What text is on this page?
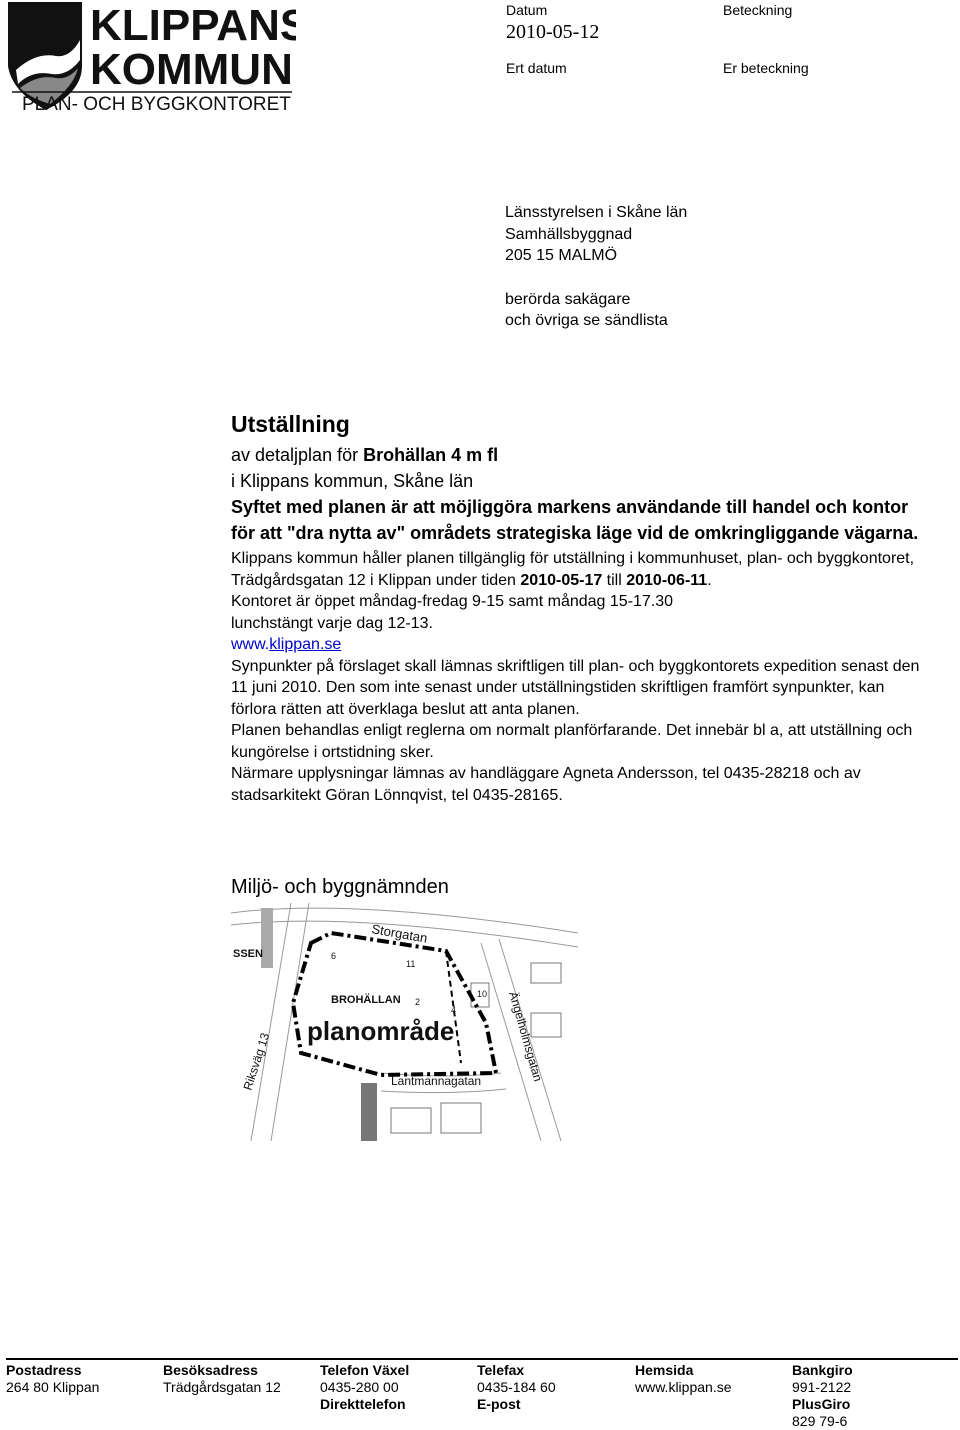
KLIPPANS
KOMMUN
PLAN- OCH BYGGKONTORET
Datum
2010-05-12
Beteckning
Ert datum	Er beteckning
Länsstyrelsen i Skåne län
Samhällsbyggnad
205 15 MALMÖ
berörda sakägare
och övriga se sändlista
Utställning
av detaljplan för Brohällan 4 m fl
i Klippans kommun, Skåne län
Syftet med planen är att möjliggöra markens användande till handel och kontor för att "dra nytta av" områdets strategiska läge vid de omkringliggande vägarna.

Klippans kommun håller planen tillgänglig för utställning i kommunhuset, plan- och byggkontoret, Trädgårdsgatan 12 i Klippan under tiden 2010-05-17 till 2010-06-11.

Kontoret är öppet måndag-fredag 9-15 samt måndag 15-17.30

lunchstängt varje dag 12-13.

www.klippan.se

Synpunkter på förslaget skall lämnas skriftligen till plan- och byggkontorets expedition senast den 11 juni 2010. Den som inte senast under utställningstiden skriftligen framfört synpunkter, kan förlora rätten att överklaga beslut att anta planen.

Planen behandlas enligt reglerna om normalt planförfarande. Det innebär bl a, att utställning och kungörelse i ortstidning sker.

Närmare upplysningar lämnas av handläggare Agneta Andersson, tel 0435-28218 och av stadsarkitekt Göran Lönnqvist, tel 0435-28165.

Miljö- och byggnämnden
Storgatan
SSEN
BROHÄLLAN
planområde
Riksväg 13	Ängelholmsgatan
Lantmannagatan
6
11
10
2
4
Postadress
264 80 Klippan
Besöksadress
Trädgårdsgatan 12
Telefon Växel
0435-280 00
Direkttelefon
Telefax
0435-184 60
E-post
Hemsida
www.klippan.se
Bankgiro
991-2122
PlusGiro
829 79-6
